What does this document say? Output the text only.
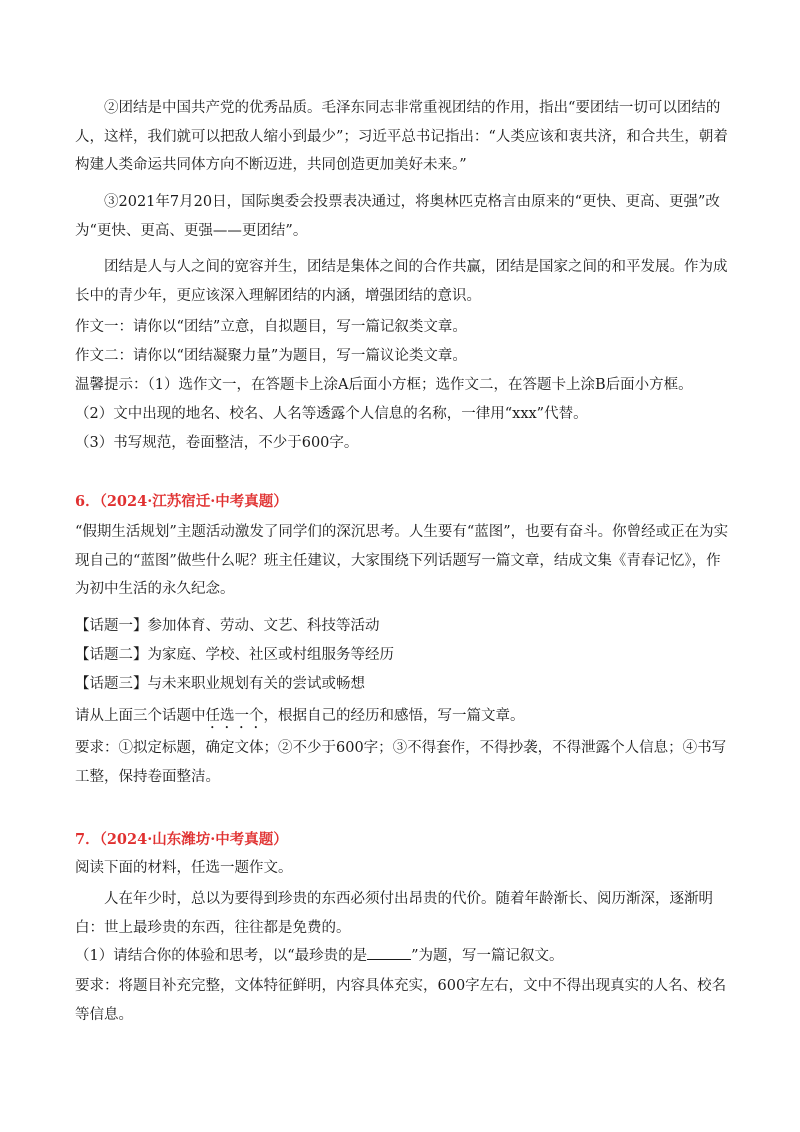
②团结是中国共产党的优秀品质。毛泽东同志非常重视团结的作用，指出“要团结一切可以团结的人，这样，我们就可以把敌人缩小到最少”；习近平总书记指出：“人类应该和衷共济，和合共生，朝着构建人类命运共同体方向不断迈进，共同创造更加美好未来。”

③2021年7月20日，国际奥委会投票表决通过，将奥林匹克格言由原来的“更快、更高、更强”改为“更快、更高、更强——更团结”。

团结是人与人之间的宽容并生，团结是集体之间的合作共赢，团结是国家之间的和平发展。作为成长中的青少年，更应该深入理解团结的内涵，增强团结的意识。

作文一：请你以“团结”立意，自拟题目，写一篇记叙类文章。

作文二：请你以“团结凝聚力量”为题目，写一篇议论类文章。

温馨提示：（1）选作文一，在答题卡上涂A后面小方框；选作文二，在答题卡上涂B后面小方框。

（2）文中出现的地名、校名、人名等透露个人信息的名称，一律用“xxx”代替。

（3）书写规范，卷面整洁，不少于600字。

6．（2024·江苏宿迁·中考真题）

“假期生活规划”主题活动激发了同学们的深沉思考。人生要有“蓝图”，也要有奋斗。你曾经或正在为实现自己的“蓝图”做些什么呢？班主任建议，大家围绕下列话题写一篇文章，结成文集《青春记忆》，作为初中生活的永久纪念。

【话题一】参加体育、劳动、文艺、科技等活动

【话题二】为家庭、学校、社区或村组服务等经历

【话题三】与未来职业规划有关的尝试或畅想

请从上面三个话题中任选一个，根据自己的经历和感悟，写一篇文章。

要求：①拟定标题，确定文体；②不少于600字；③不得套作，不得抄袭，不得泄露个人信息；④书写工整，保持卷面整洁。

7．（2024·山东潍坊·中考真题）

阅读下面的材料，任选一题作文。

人在年少时，总以为要得到珍贵的东西必须付出昂贵的代价。随着年龄渐长、阅历渐深，逐渐明白：世上最珍贵的东西，往往都是免费的。

（1）请结合你的体验和思考，以“最珍贵的是	”为题，写一篇记叙文。

要求：将题目补充完整，文体特征鲜明，内容具体充实，600字左右，文中不得出现真实的人名、校名等信息。
